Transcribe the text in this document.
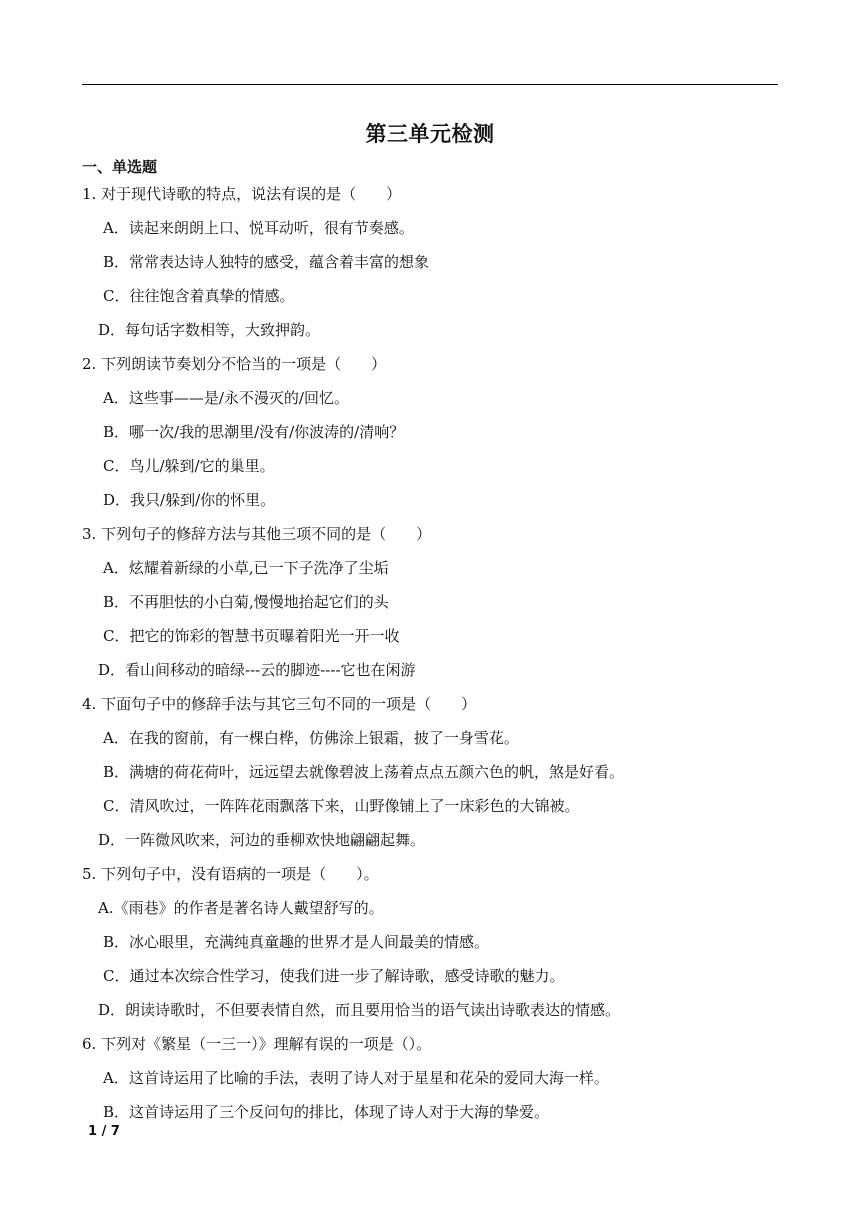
第三单元检测
一、单选题
1. 对于现代诗歌的特点，说法有误的是（　　）
A．读起来朗朗上口、悦耳动听，很有节奏感。
B．常常表达诗人独特的感受，蕴含着丰富的想象
C．往往饱含着真挚的情感。
D．每句话字数相等，大致押韵。
2. 下列朗读节奏划分不恰当的一项是（　　）
A．这些事——是/永不漫灭的/回忆。
B．哪一次/我的思潮里/没有/你波涛的/清响？
C．鸟儿/躲到/它的巢里。
D．我只/躲到/你的怀里。
3. 下列句子的修辞方法与其他三项不同的是（　　）
A．炫耀着新绿的小草,已一下子洗净了尘垢
B．不再胆怯的小白菊,慢慢地抬起它们的头
C．把它的饰彩的智慧书页曝着阳光一开一收
D．看山间移动的暗绿---云的脚迹----它也在闲游
4. 下面句子中的修辞手法与其它三句不同的一项是（　　）
A．在我的窗前，有一棵白桦，仿佛涂上银霜，披了一身雪花。
B．满塘的荷花荷叶，远远望去就像碧波上荡着点点五颜六色的帆，煞是好看。
C．清风吹过，一阵阵花雨飘落下来，山野像铺上了一床彩色的大锦被。
D．一阵微风吹来，河边的垂柳欢快地翩翩起舞。
5. 下列句子中，没有语病的一项是（　　）。
A.《雨巷》的作者是著名诗人戴望舒写的。
B．冰心眼里，充满纯真童趣的世界才是人间最美的情感。
C．通过本次综合性学习，使我们进一步了解诗歌，感受诗歌的魅力。
D．朗读诗歌时，不但要表情自然，而且要用恰当的语气读出诗歌表达的情感。
6. 下列对《繁星（一三一）》理解有误的一项是（）。
A．这首诗运用了比喻的手法，表明了诗人对于星星和花朵的爱同大海一样。
B．这首诗运用了三个反问句的排比，体现了诗人对于大海的挚爱。
1 / 7
